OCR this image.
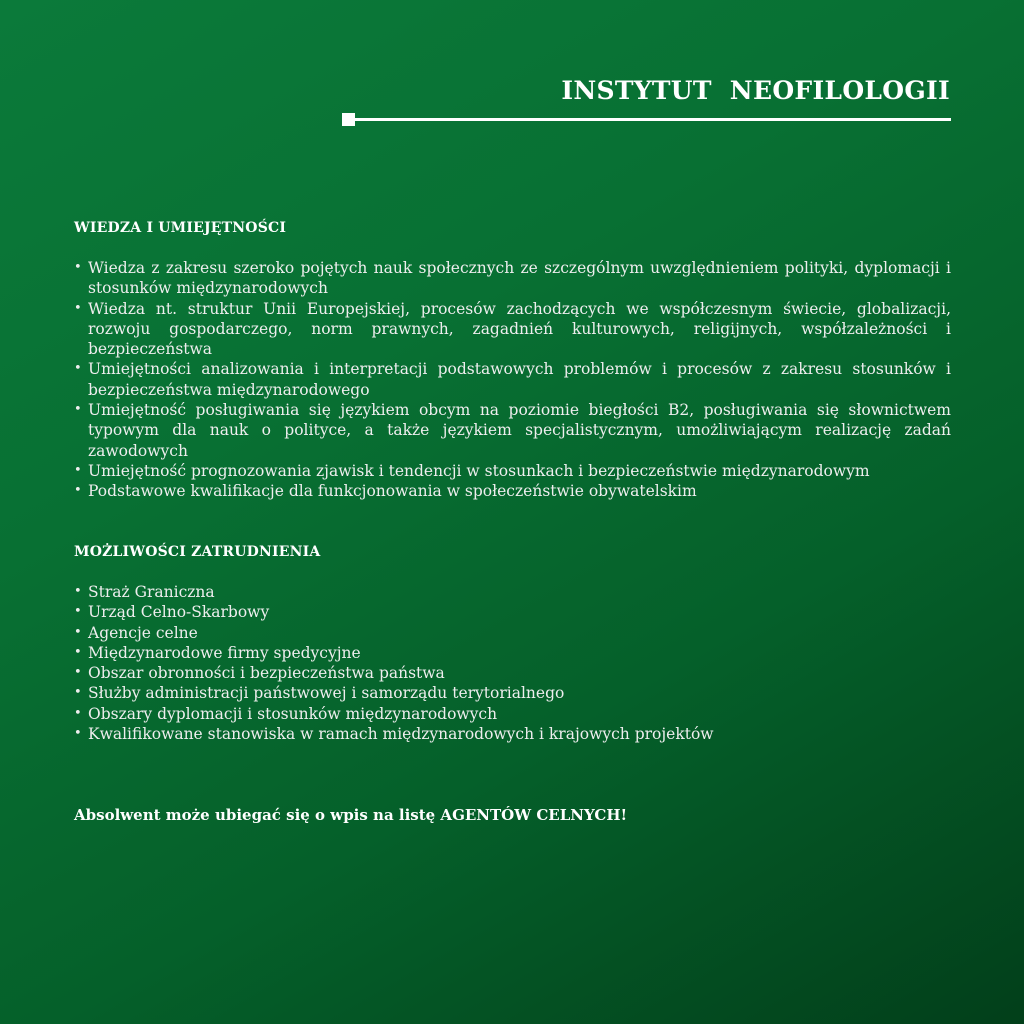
INSTYTUT  NEOFILOLOGII
WIEDZA I UMIEJĘTNOŚCI
• Wiedza z zakresu szeroko pojętych nauk społecznych ze szczególnym uwzględnieniem polityki, dyplomacji i stosunków międzynarodowych
• Wiedza nt. struktur Unii Europejskiej, procesów zachodzących we współczesnym świecie, globalizacji, rozwoju gospodarczego, norm prawnych, zagadnień kulturowych, religijnych, współzależności i bezpieczeństwa
• Umiejętności analizowania i interpretacji podstawowych problemów i procesów z zakresu stosunków i bezpieczeństwa międzynarodowego
• Umiejętność posługiwania się językiem obcym na poziomie biegłości B2, posługiwania się słownictwem typowym dla nauk o polityce, a także językiem specjalistycznym, umożliwiającym realizację zadań zawodowych
• Umiejętność prognozowania zjawisk i tendencji w stosunkach i bezpieczeństwie międzynarodowym
• Podstawowe kwalifikacje dla funkcjonowania w społeczeństwie obywatelskim
MOŻLIWOŚCI ZATRUDNIENIA
• Straż Graniczna
• Urząd Celno-Skarbowy
• Agencje celne
• Międzynarodowe firmy spedycyjne
• Obszar obronności i bezpieczeństwa państwa
• Służby administracji państwowej i samorządu terytorialnego
• Obszary dyplomacji i stosunków międzynarodowych
• Kwalifikowane stanowiska w ramach międzynarodowych i krajowych projektów
Absolwent może ubiegać się o wpis na listę AGENTÓW CELNYCH!
